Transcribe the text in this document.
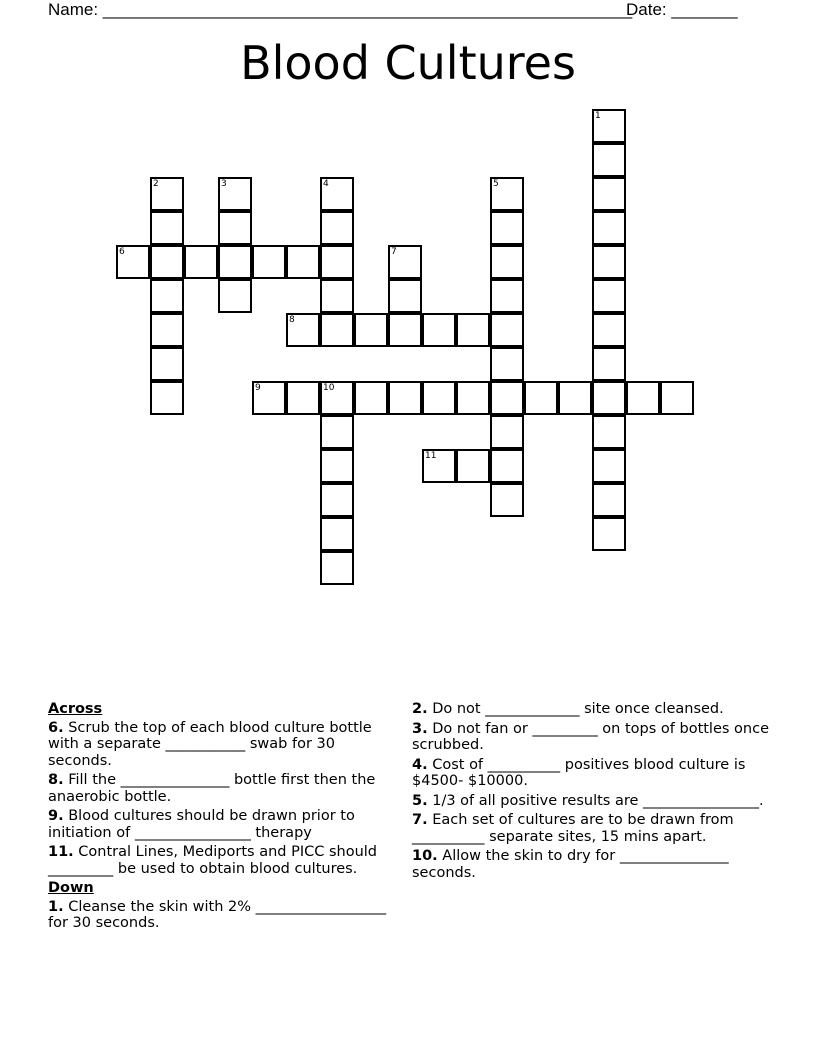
Name: ________________________________________________________
Date: _______
Blood Cultures
1
2	3	4	5
6	7
8
9	10
11
Across
6. Scrub the top of each blood culture bottle with a separate ___________ swab for 30 seconds.
8. Fill the _______________ bottle first then the anaerobic bottle.
9. Blood cultures should be drawn prior to initiation of ________________ therapy
11. Contral Lines, Mediports and PICC should _________ be used to obtain blood cultures.
Down
1. Cleanse the skin with 2% __________________ for 30 seconds.
2. Do not _____________ site once cleansed.
3. Do not fan or _________ on tops of bottles once scrubbed.
4. Cost of __________ positives blood culture is $4500- $10000.
5. 1/3 of all positive results are ________________.
7. Each set of cultures are to be drawn from __________ separate sites, 15 mins apart.
10. Allow the skin to dry for _______________ seconds.
